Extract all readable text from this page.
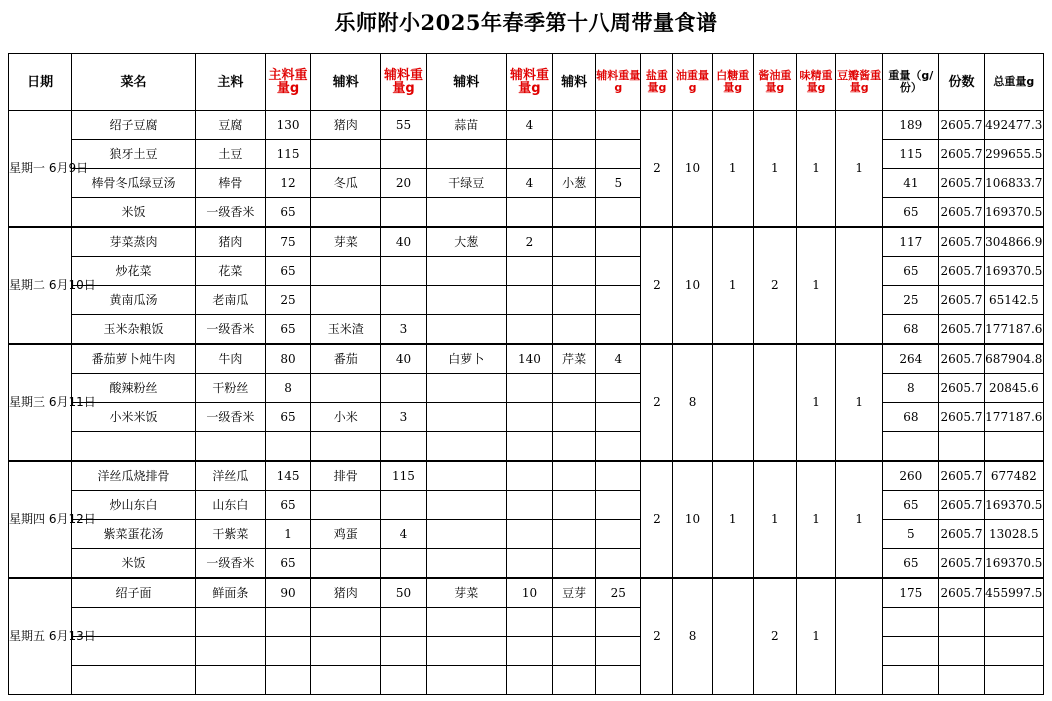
乐师附小2025年春季第十八周带量食谱
日期	菜名	主料	主料重量g	辅料	辅料重量g	辅料	辅料重量g	辅料	辅料重量g	盐重量g	油重量g	白糖重量g	酱油重量g	味精重量g	豆瓣酱重量g	重量（g/份）	份数	总重量g
星期一 6月9日	绍子豆腐	豆腐	130	猪肉	55	蒜苗	4			2	10	1	1	1	1	189	2605.7	492477.3
	狼牙土豆	土豆	115													115	2605.7	299655.5
	棒骨冬瓜绿豆汤	棒骨	12	冬瓜	20	干绿豆	4	小葱	5							41	2605.7	106833.7
	米饭	一级香米	65													65	2605.7	169370.5
星期二 6月10日	芽菜蒸肉	猪肉	75	芽菜	40	大葱	2			2	10	1	2	1		117	2605.7	304866.9
	炒花菜	花菜	65													65	2605.7	169370.5
	黄南瓜汤	老南瓜	25													25	2605.7	65142.5
	玉米杂粮饭	一级香米	65	玉米渣	3											68	2605.7	177187.6
星期三 6月11日	番茄萝卜炖牛肉	牛肉	80	番茄	40	白萝卜	140	芹菜	4	2	8			1	1	264	2605.7	687904.8
	酸辣粉丝	干粉丝	8													8	2605.7	20845.6
	小米米饭	一级香米	65	小米	3											68	2605.7	177187.6

星期四 6月12日	洋丝瓜烧排骨	洋丝瓜	145	排骨	115					2	10	1	1	1	1	260	2605.7	677482
	炒山东白	山东白	65													65	2605.7	169370.5
	紫菜蛋花汤	干紫菜	1	鸡蛋	4											5	2605.7	13028.5
	米饭	一级香米	65													65	2605.7	169370.5
星期五 6月13日	绍子面	鲜面条	90	猪肉	50	芽菜	10	豆芽	25	2	8		2	1		175	2605.7	455997.5
